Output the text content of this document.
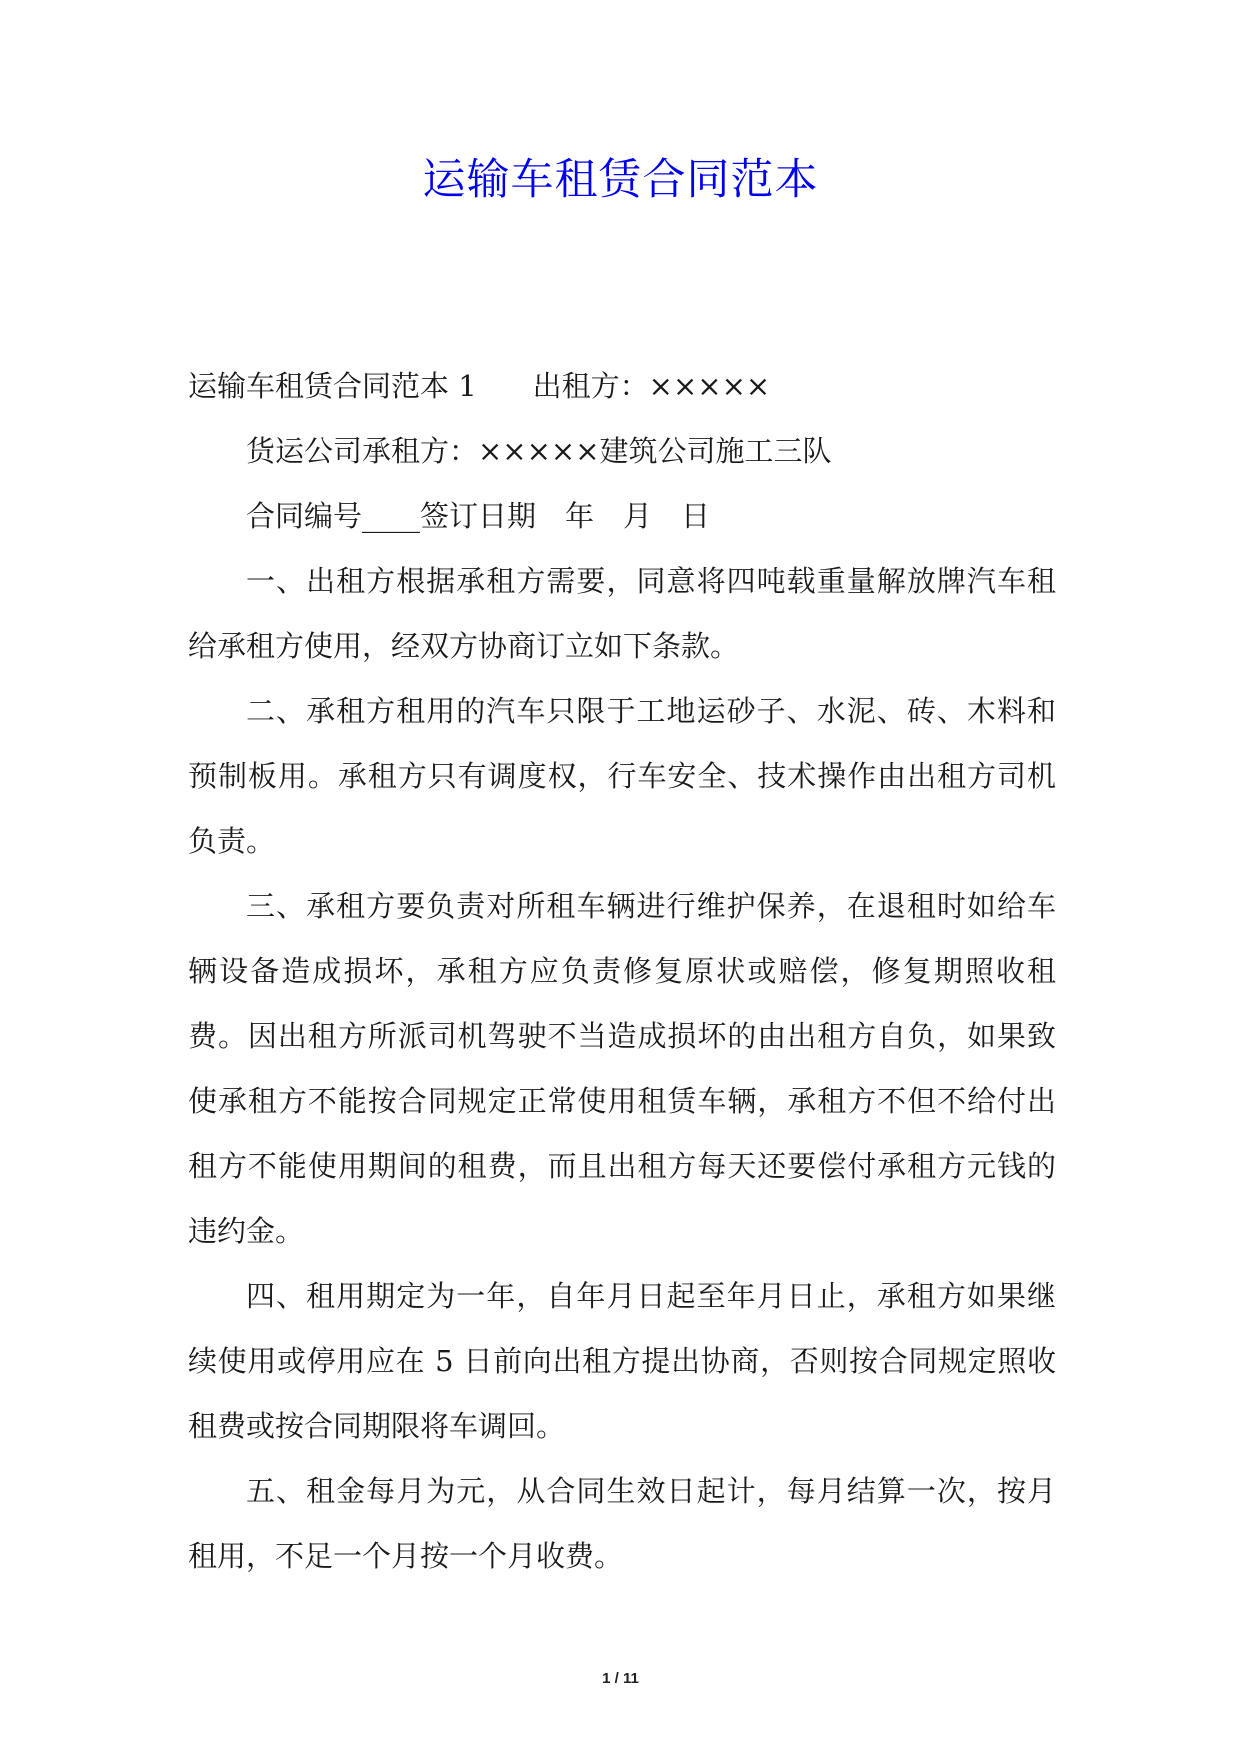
运输车租赁合同范本

运输车租赁合同范本 1 出租方：×××××

货运公司承租方：×××××建筑公司施工三队

合同编号____签订日期　年　月　日

一、出租方根据承租方需要，同意将四吨载重量解放牌汽车租给承租方使用，经双方协商订立如下条款。

二、承租方租用的汽车只限于工地运砂子、水泥、砖、木料和预制板用。承租方只有调度权，行车安全、技术操作由出租方司机负责。

三、承租方要负责对所租车辆进行维护保养，在退租时如给车辆设备造成损坏，承租方应负责修复原状或赔偿，修复期照收租费。因出租方所派司机驾驶不当造成损坏的由出租方自负，如果致使承租方不能按合同规定正常使用租赁车辆，承租方不但不给付出租方不能使用期间的租费，而且出租方每天还要偿付承租方元钱的违约金。

四、租用期定为一年，自年月日起至年月日止，承租方如果继续使用或停用应在 5 日前向出租方提出协商，否则按合同规定照收租费或按合同期限将车调回。

五、租金每月为元，从合同生效日起计，每月结算一次，按月租用，不足一个月按一个月收费。

1 / 11
